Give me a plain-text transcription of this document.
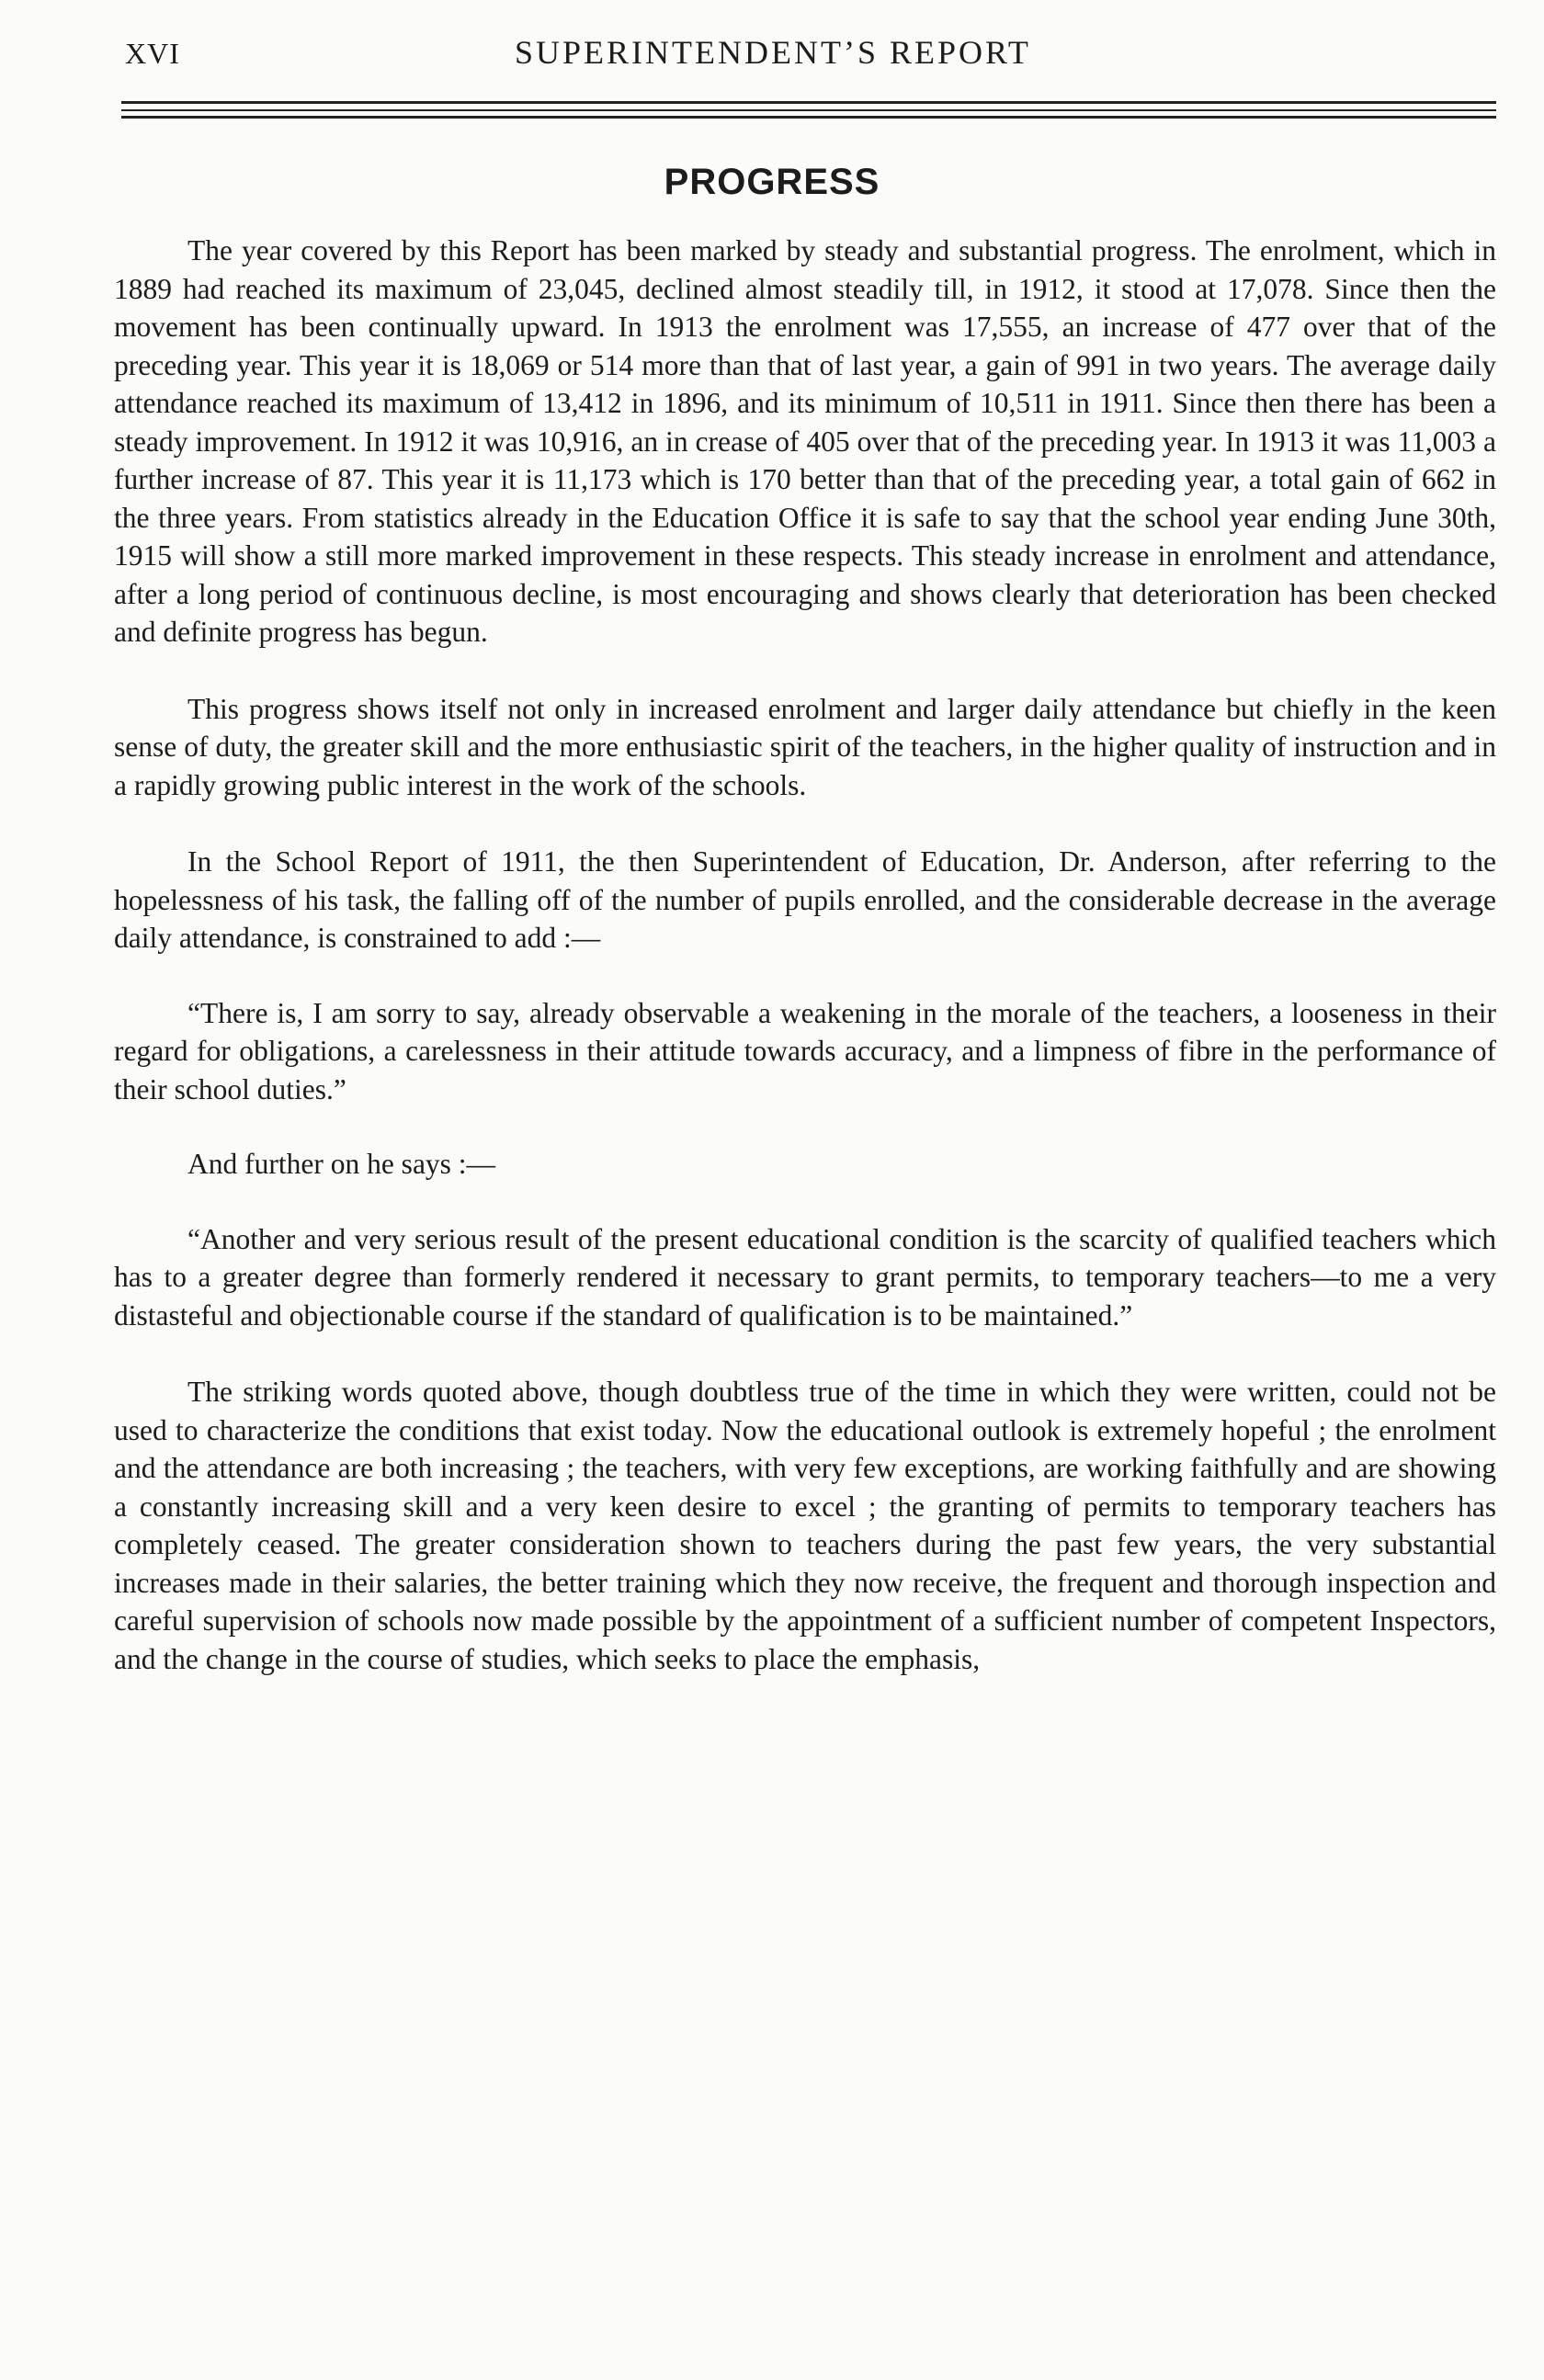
XVI	SUPERINTENDENT’S REPORT
PROGRESS

The year covered by this Report has been marked by steady and substantial progress. The enrolment, which in 1889 had reached its maximum of 23,045, declined almost steadily till, in 1912, it stood at 17,078. Since then the movement has been continually upward. In 1913 the enrolment was 17,555, an increase of 477 over that of the preceding year. This year it is 18,069 or 514 more than that of last year, a gain of 991 in two years. The average daily attendance reached its maximum of 13,412 in 1896, and its minimum of 10,511 in 1911. Since then there has been a steady improvement. In 1912 it was 10,916, an in crease of 405 over that of the preceding year. In 1913 it was 11,003 a further increase of 87. This year it is 11,173 which is 170 better than that of the preceding year, a total gain of 662 in the three years. From statistics already in the Education Office it is safe to say that the school year ending June 30th, 1915 will show a still more marked improvement in these respects. This steady increase in enrolment and attendance, after a long period of continuous decline, is most encouraging and shows clearly that deterioration has been checked and definite progress has begun.

This progress shows itself not only in increased enrolment and larger daily attendance but chiefly in the keen sense of duty, the greater skill and the more enthusiastic spirit of the teachers, in the higher quality of instruction and in a rapidly growing public interest in the work of the schools.

In the School Report of 1911, the then Superintendent of Education, Dr. Anderson, after referring to the hopelessness of his task, the falling off of the number of pupils enrolled, and the considerable decrease in the average daily attendance, is constrained to add :—

“There is, I am sorry to say, already observable a weakening in the morale of the teachers, a looseness in their regard for obligations, a carelessness in their attitude towards accuracy, and a limpness of fibre in the performance of their school duties.”

And further on he says :—

“Another and very serious result of the present educational condition is the scarcity of qualified teachers which has to a greater degree than formerly rendered it necessary to grant permits, to temporary teachers—to me a very distasteful and objectionable course if the standard of qualification is to be maintained.”

The striking words quoted above, though doubtless true of the time in which they were written, could not be used to characterize the conditions that exist today. Now the educational outlook is extremely hopeful ; the enrolment and the attendance are both increasing ; the teachers, with very few exceptions, are working faithfully and are showing a constantly increasing skill and a very keen desire to excel ; the granting of permits to temporary teachers has completely ceased. The greater consideration shown to teachers during the past few years, the very substantial increases made in their salaries, the better training which they now receive, the frequent and thorough inspection and careful supervision of schools now made possible by the appointment of a sufficient number of competent Inspectors, and the change in the course of studies, which seeks to place the emphasis,
